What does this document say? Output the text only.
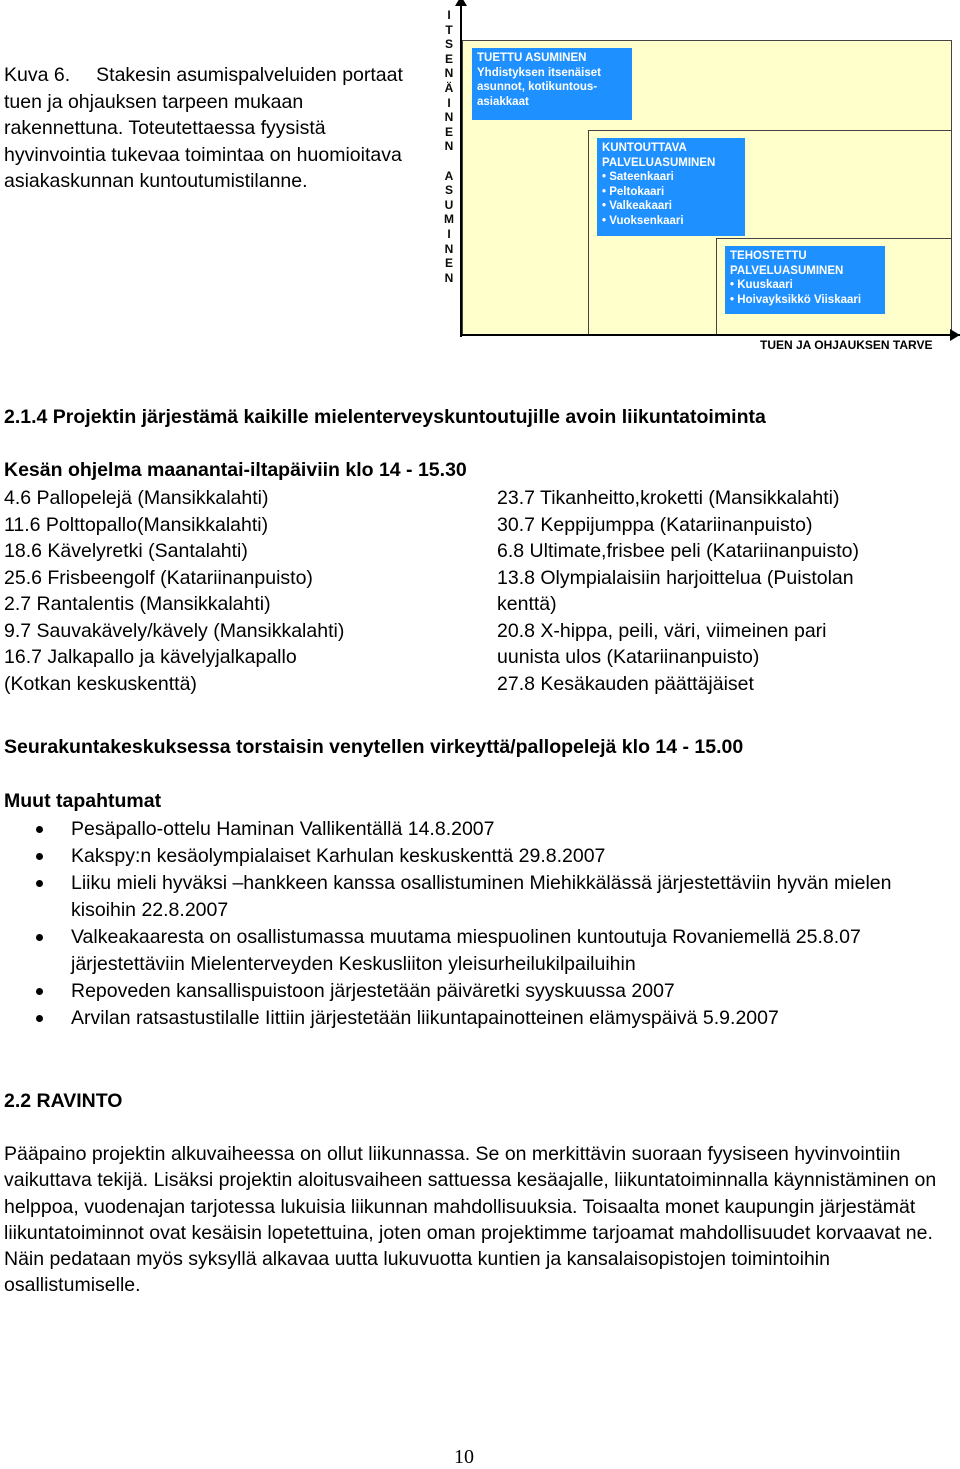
Kuva 6. Stakesin asumispalveluiden portaat tuen ja ohjauksen tarpeen mukaan rakennettuna. Toteutettaessa fyysistä hyvinvointia tukevaa toimintaa on huomioitava asiakaskunnan kuntoutumistilanne.
I
T
S
E
N
Ä
I
N
E
N
A
S
U
M
I
N
E
N
TUETTU ASUMINEN
Yhdistyksen itsenäiset
asunnot, kotikuntous-
asiakkaat
KUNTOUTTAVA
PALVELUASUMINEN
• Sateenkaari
• Peltokaari
• Valkeakaari
• Vuoksenkaari
TEHOSTETTU
PALVELUASUMINEN
• Kuuskaari
• Hoivayksikkö Viiskaari
TUEN JA OHJAUKSEN TARVE
2.1.4 Projektin järjestämä kaikille mielenterveyskuntoutujille avoin liikuntatoiminta
Kesän ohjelma maanantai-iltapäiviin klo 14 - 15.30
4.6 Pallopelejä (Mansikkalahti)
11.6 Polttopallo(Mansikkalahti)
18.6 Kävelyretki (Santalahti)
25.6 Frisbeengolf (Katariinanpuisto)
2.7 Rantalentis (Mansikkalahti)
9.7 Sauvakävely/kävely (Mansikkalahti)
16.7 Jalkapallo ja kävelyjalkapallo
(Kotkan keskuskenttä)
23.7 Tikanheitto,kroketti (Mansikkalahti)
30.7 Keppijumppa (Katariinanpuisto)
6.8 Ultimate,frisbee peli (Katariinanpuisto)
13.8 Olympialaisiin harjoittelua (Puistolan
kenttä)
20.8 X-hippa, peili, väri, viimeinen pari
uunista ulos (Katariinanpuisto)
27.8 Kesäkauden päättäjäiset
Seurakuntakeskuksessa torstaisin venytellen virkeyttä/pallopelejä klo 14 - 15.00
Muut tapahtumat
Pesäpallo-ottelu Haminan Vallikentällä 14.8.2007
Kakspy:n kesäolympialaiset Karhulan keskuskenttä 29.8.2007
Liiku mieli hyväksi –hankkeen kanssa osallistuminen Miehikkälässä järjestettäviin hyvän mielen kisoihin 22.8.2007
Valkeakaaresta on osallistumassa muutama miespuolinen kuntoutuja Rovaniemellä 25.8.07 järjestettäviin Mielenterveyden Keskusliiton yleisurheilukilpailuihin
Repoveden kansallispuistoon järjestetään päiväretki syyskuussa 2007
Arvilan ratsastustilalle Iittiin järjestetään liikuntapainotteinen elämyspäivä 5.9.2007
2.2 RAVINTO
Pääpaino projektin alkuvaiheessa on ollut liikunnassa. Se on merkittävin suoraan fyysiseen hyvinvointiin vaikuttava tekijä. Lisäksi projektin aloitusvaiheen sattuessa kesäajalle, liikuntatoiminnalla käynnistäminen on helppoa, vuodenajan tarjotessa lukuisia liikunnan mahdollisuuksia. Toisaalta monet kaupungin järjestämät liikuntatoiminnot ovat kesäisin lopetettuina, joten oman projektimme tarjoamat mahdollisuudet korvaavat ne. Näin pedataan myös syksyllä alkavaa uutta lukuvuotta kuntien ja kansalaisopistojen toimintoihin osallistumiselle.
10
